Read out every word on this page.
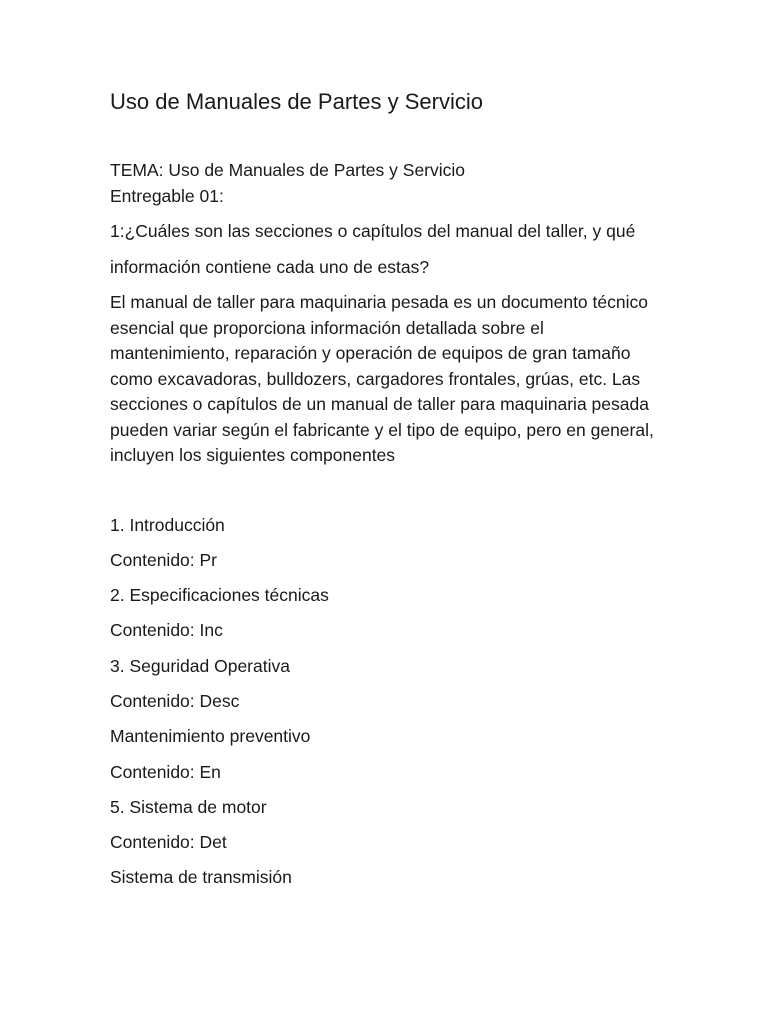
Uso de Manuales de Partes y Servicio

TEMA: Uso de Manuales de Partes y Servicio

Entregable 01:

1:¿Cuáles son las secciones o capítulos del manual del taller, y qué

información contiene cada uno de estas?

El manual de taller para maquinaria pesada es un documento técnico esencial que proporciona información detallada sobre el mantenimiento, reparación y operación de equipos de gran tamaño como excavadoras, bulldozers, cargadores frontales, grúas, etc. Las secciones o capítulos de un manual de taller para maquinaria pesada pueden variar según el fabricante y el tipo de equipo, pero en general, incluyen los siguientes componentes

1. Introducción

Contenido: Pr

2. Especificaciones técnicas

Contenido: Inc

3. Seguridad Operativa

Contenido: Desc

Mantenimiento preventivo

Contenido: En

5. Sistema de motor

Contenido: Det

Sistema de transmisión
